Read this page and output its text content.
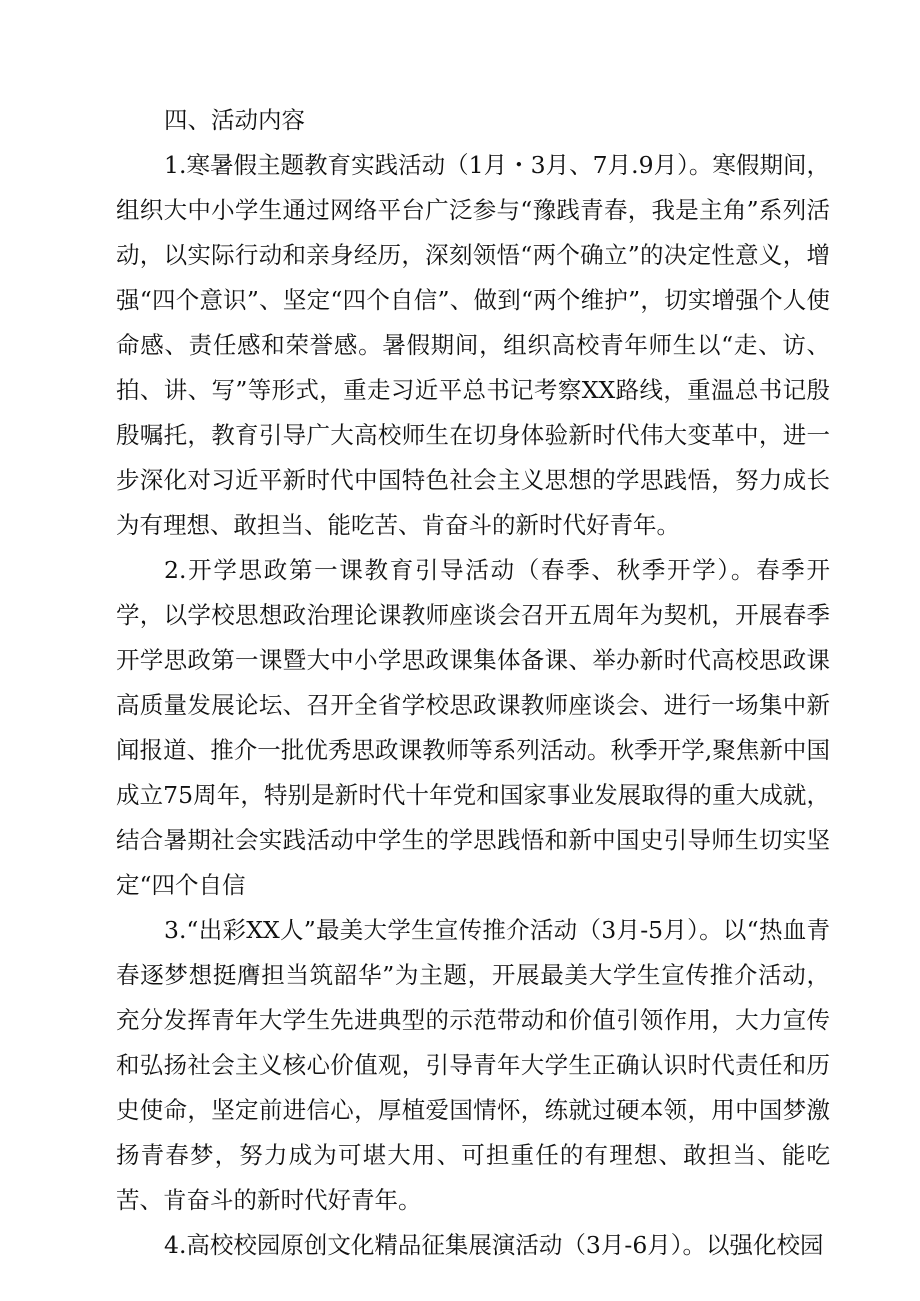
四、活动内容

1.寒暑假主题教育实践活动（1月・3月、7月.9月）。寒假期间，组织大中小学生通过网络平台广泛参与“豫践青春，我是主角”系列活动，以实际行动和亲身经历，深刻领悟“两个确立”的决定性意义，增强“四个意识”、坚定“四个自信”、做到“两个维护”，切实增强个人使命感、责任感和荣誉感。暑假期间，组织高校青年师生以“走、访、拍、讲、写”等形式，重走习近平总书记考察XX路线，重温总书记殷殷嘱托，教育引导广大高校师生在切身体验新时代伟大变革中，进一步深化对习近平新时代中国特色社会主义思想的学思践悟，努力成长为有理想、敢担当、能吃苦、肯奋斗的新时代好青年。

2.开学思政第一课教育引导活动（春季、秋季开学）。春季开学，以学校思想政治理论课教师座谈会召开五周年为契机，开展春季开学思政第一课暨大中小学思政课集体备课、举办新时代高校思政课高质量发展论坛、召开全省学校思政课教师座谈会、进行一场集中新闻报道、推介一批优秀思政课教师等系列活动。秋季开学,聚焦新中国成立75周年，特别是新时代十年党和国家事业发展取得的重大成就，结合暑期社会实践活动中学生的学思践悟和新中国史引导师生切实坚定“四个自信

3.“出彩XX人”最美大学生宣传推介活动（3月-5月）。以“热血青春逐梦想挺膺担当筑韶华”为主题，开展最美大学生宣传推介活动，充分发挥青年大学生先进典型的示范带动和价值引领作用，大力宣传和弘扬社会主义核心价值观，引导青年大学生正确认识时代责任和历史使命，坚定前进信心，厚植爱国情怀，练就过硬本领，用中国梦激扬青春梦，努力成为可堪大用、可担重任的有理想、敢担当、能吃苦、肯奋斗的新时代好青年。

4.高校校园原创文化精品征集展演活动（3月-6月）。以强化校园
